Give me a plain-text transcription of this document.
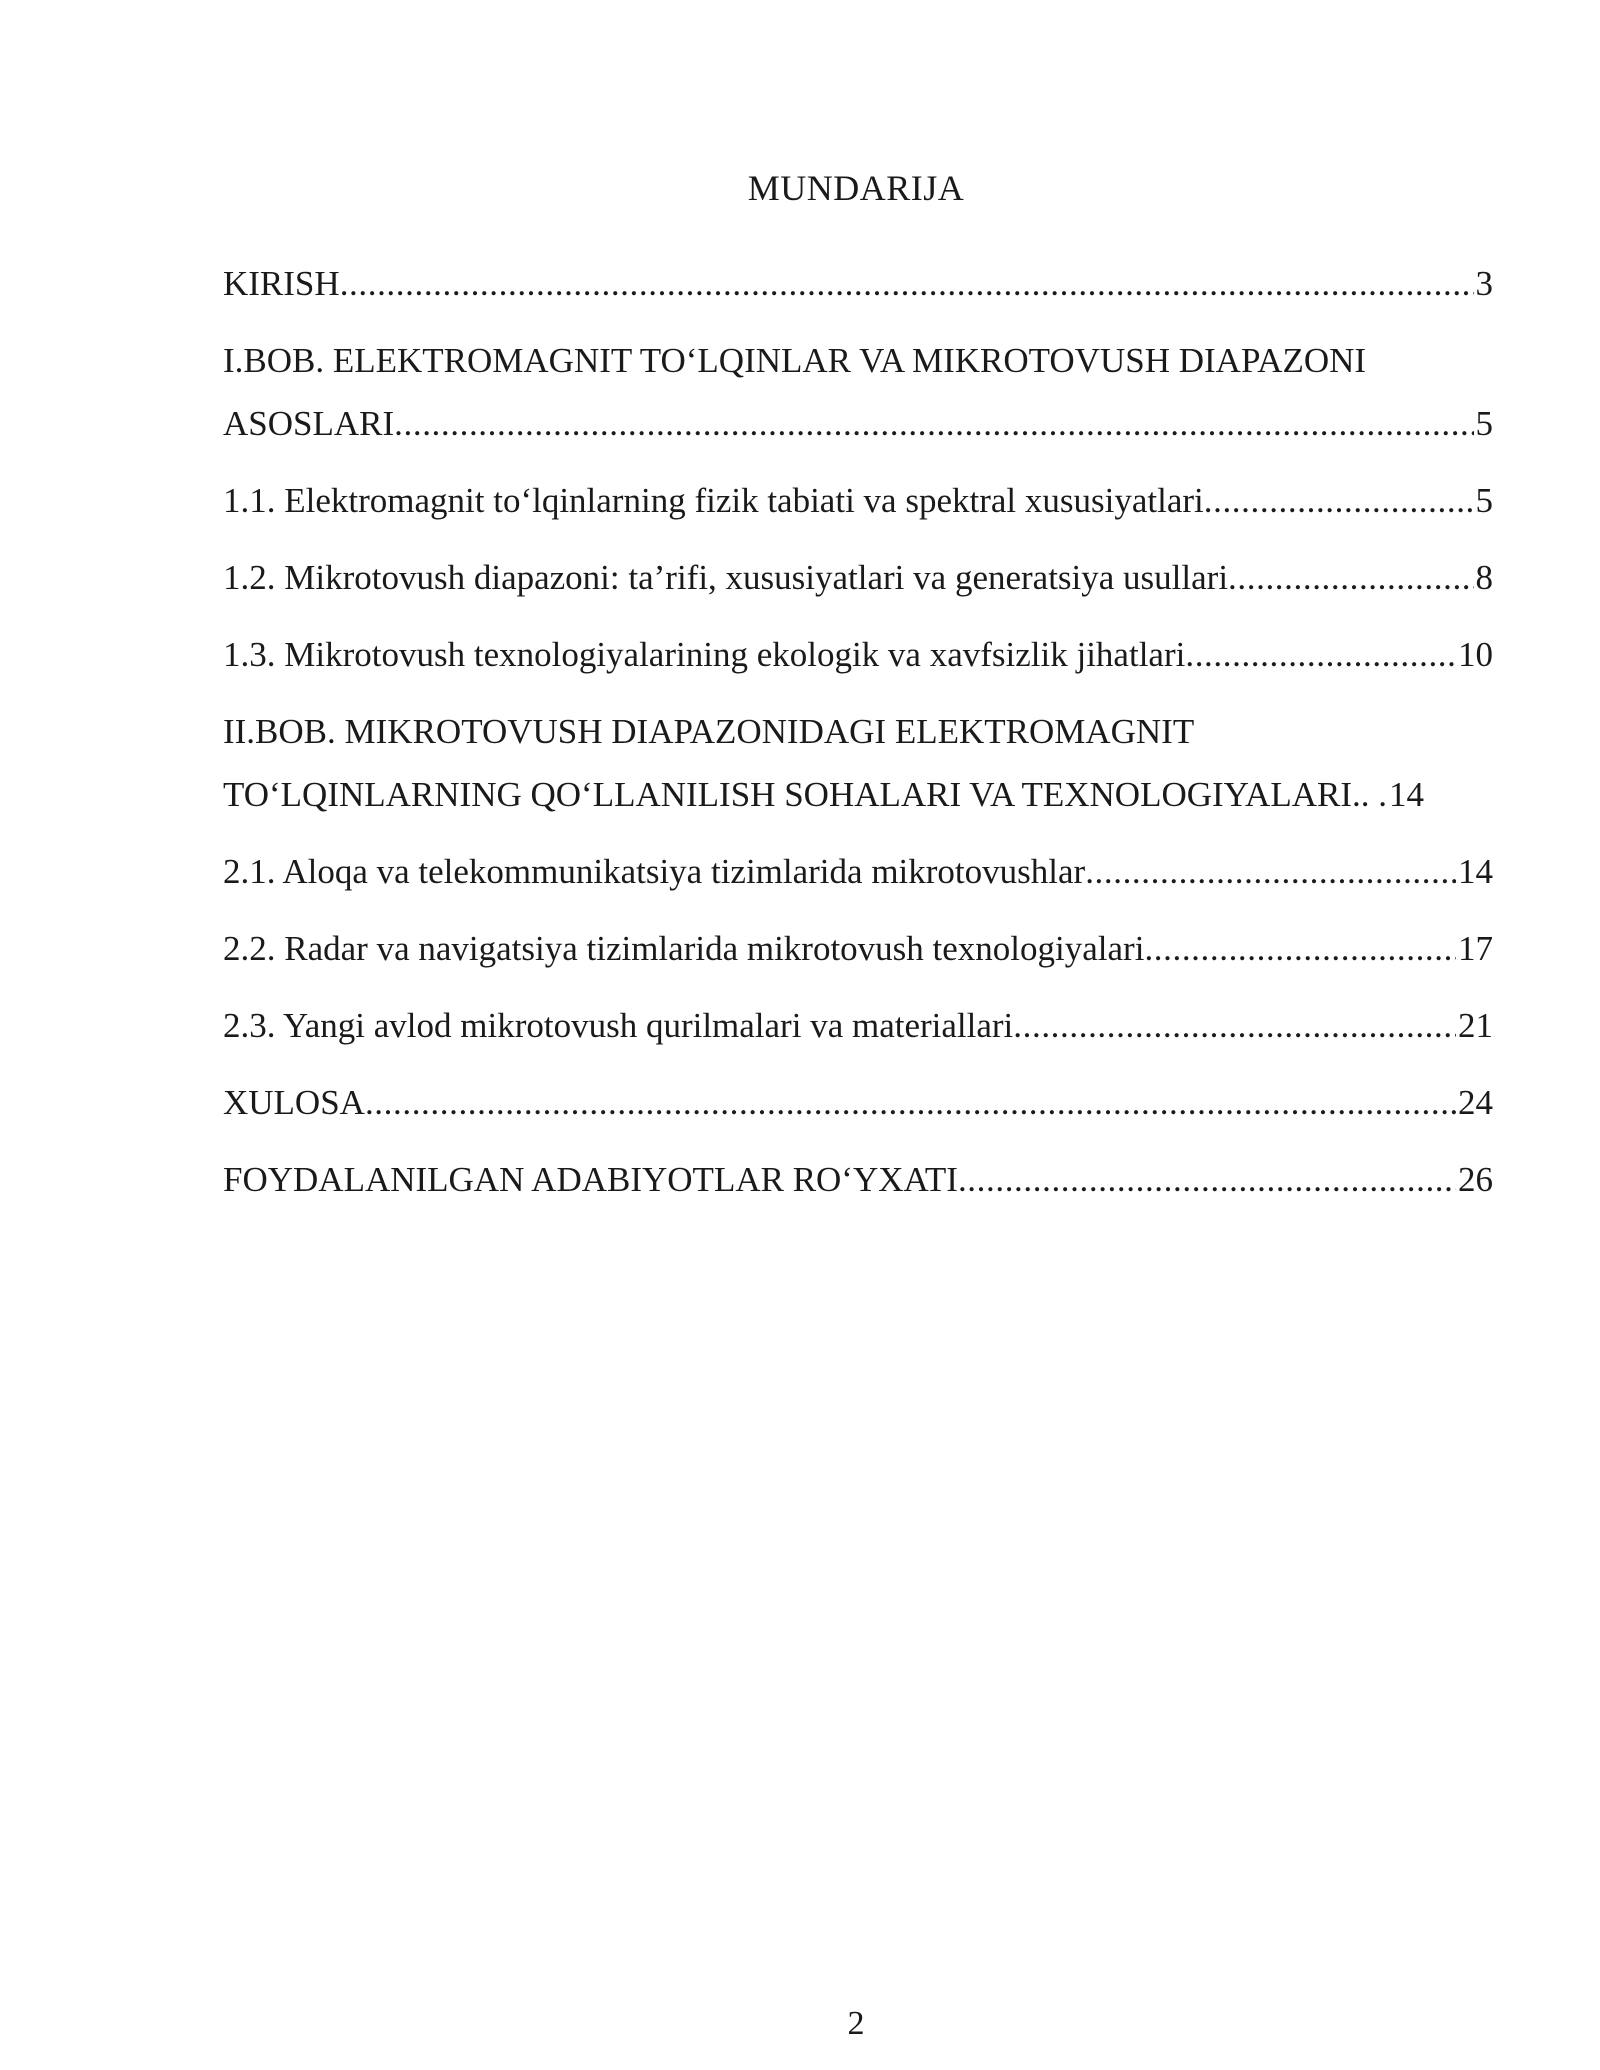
MUNDARIJA
KIRISH .....	3
I.BOB. ELEKTROMAGNIT TO‘LQINLAR VA MIKROTOVUSH DIAPAZONI
ASOSLARI .....	5
1.1. Elektromagnit to‘lqinlarning fizik tabiati va spektral xususiyatlari .....	5
1.2. Mikrotovush diapazoni: ta’rifi, xususiyatlari va generatsiya usullari .....	8
1.3. Mikrotovush texnologiyalarining ekologik va xavfsizlik jihatlari .....	10
II.BOB. MIKROTOVUSH DIAPAZONIDAGI ELEKTROMAGNIT
TO‘LQINLARNING QO‘LLANILISH SOHALARI VA TEXNOLOGIYALARI.. . 14
2.1. Aloqa va telekommunikatsiya tizimlarida mikrotovushlar .....	14
2.2. Radar va navigatsiya tizimlarida mikrotovush texnologiyalari .....	17
2.3. Yangi avlod mikrotovush qurilmalari va materiallari .....	21
XULOSA .....	24
FOYDALANILGAN ADABIYOTLAR RO‘YXATI .....	26
2
